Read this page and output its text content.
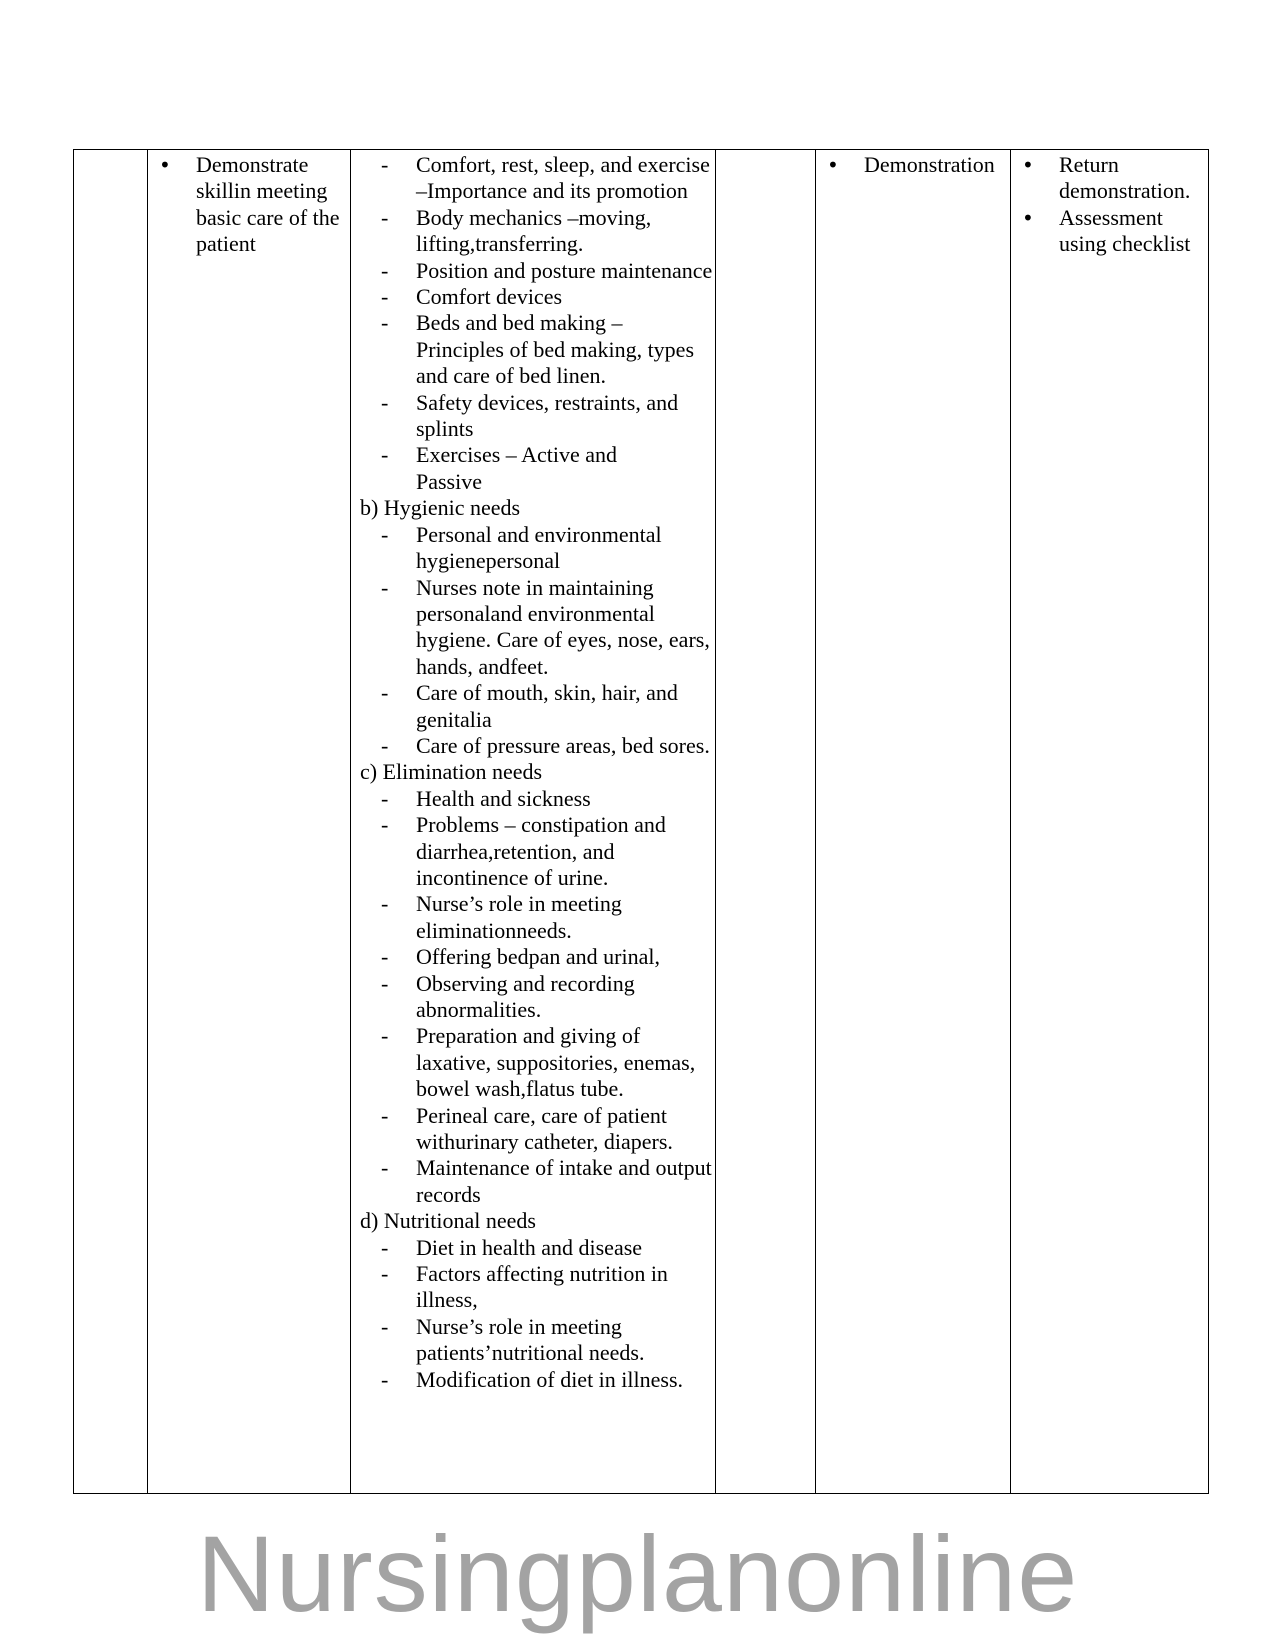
• Demonstrate skillin meeting basic care of the patient
- Comfort, rest, sleep, and exercise –Importance and its promotion
- Body mechanics –moving, lifting,transferring.
- Position and posture maintenance
- Comfort devices
- Beds and bed making – Principles of bed making, types and care of bed linen.
- Safety devices, restraints, and splints
- Exercises – Active and Passive
b) Hygienic needs
- Personal and environmental hygienepersonal
- Nurses note in maintaining personaland environmental hygiene. Care of eyes, nose, ears, hands, andfeet.
- Care of mouth, skin, hair, and genitalia
- Care of pressure areas, bed sores.
c) Elimination needs
- Health and sickness
- Problems – constipation and diarrhea,retention, and incontinence of urine.
- Nurse’s role in meeting eliminationneeds.
- Offering bedpan and urinal,
- Observing and recording abnormalities.
- Preparation and giving of laxative, suppositories, enemas, bowel wash,flatus tube.
- Perineal care, care of patient withurinary catheter, diapers.
- Maintenance of intake and output records
d) Nutritional needs
- Diet in health and disease
- Factors affecting nutrition in illness,
- Nurse’s role in meeting patients’nutritional needs.
- Modification of diet in illness.
• Demonstration
•	Return demonstration.
• Assessment using checklist
Nursingplanonline
